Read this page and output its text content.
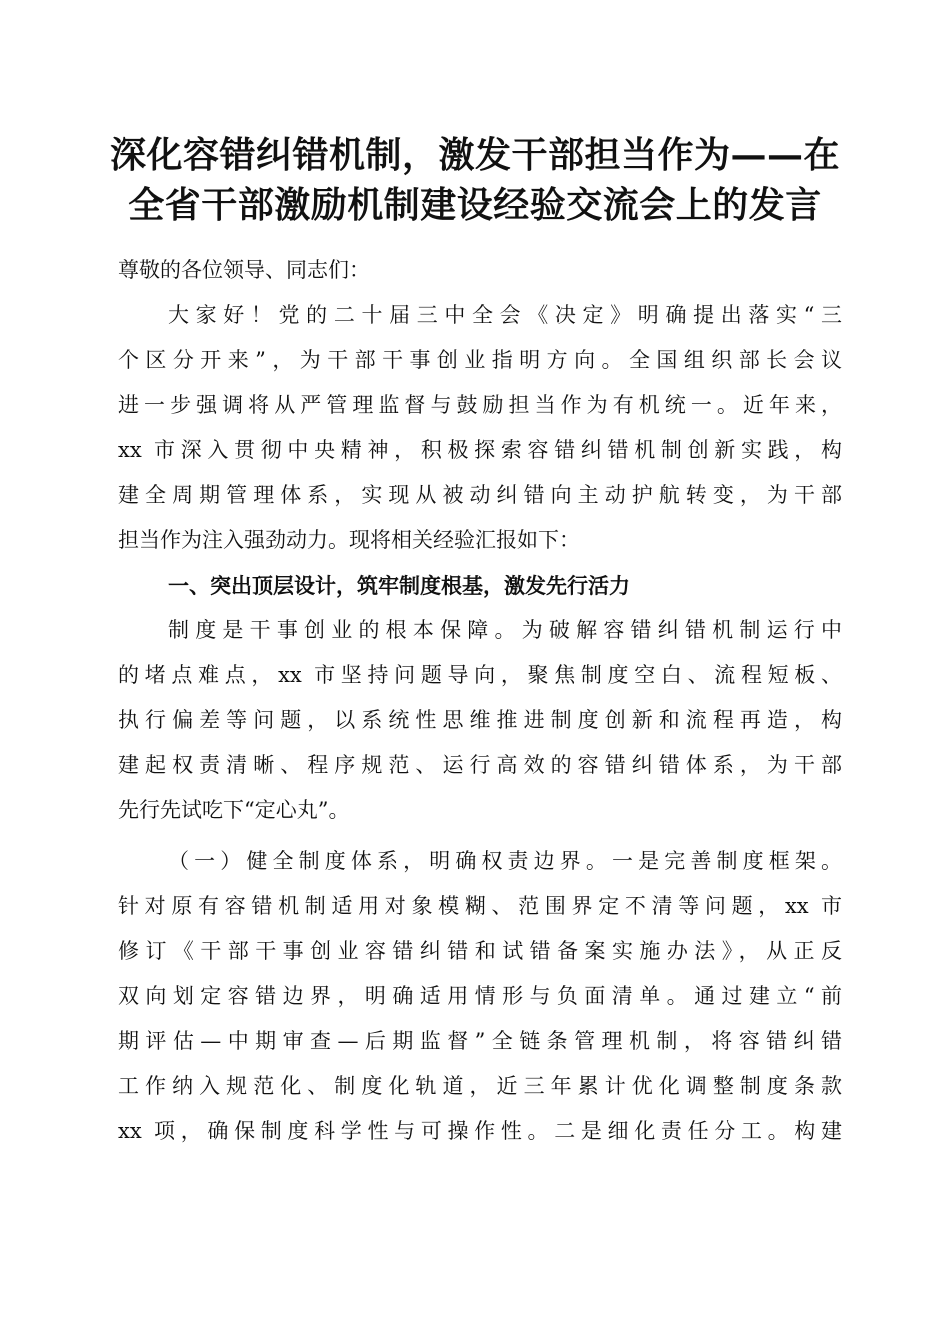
深化容错纠错机制，激发干部担当作为——在
全省干部激励机制建设经验交流会上的发言
尊敬的各位领导、同志们：
大家好！党的二十届三中全会《决定》明确提出落实“三
个区分开来”，为干部干事创业指明方向。全国组织部长会议
进一步强调将从严管理监督与鼓励担当作为有机统一。近年来，
xx 市深入贯彻中央精神，积极探索容错纠错机制创新实践，构
建全周期管理体系，实现从被动纠错向主动护航转变，为干部
担当作为注入强劲动力。现将相关经验汇报如下：
一、突出顶层设计，筑牢制度根基，激发先行活力
制度是干事创业的根本保障。为破解容错纠错机制运行中
的堵点难点，xx 市坚持问题导向，聚焦制度空白、流程短板、
执行偏差等问题，以系统性思维推进制度创新和流程再造，构
建起权责清晰、程序规范、运行高效的容错纠错体系，为干部
先行先试吃下“定心丸”。
（一）健全制度体系，明确权责边界。一是完善制度框架。
针对原有容错机制适用对象模糊、范围界定不清等问题，xx 市
修订《干部干事创业容错纠错和试错备案实施办法》，从正反
双向划定容错边界，明确适用情形与负面清单。通过建立“前
期评估—中期审查—后期监督”全链条管理机制，将容错纠错
工作纳入规范化、制度化轨道，近三年累计优化调整制度条款
xx 项，确保制度科学性与可操作性。二是细化责任分工。构建
